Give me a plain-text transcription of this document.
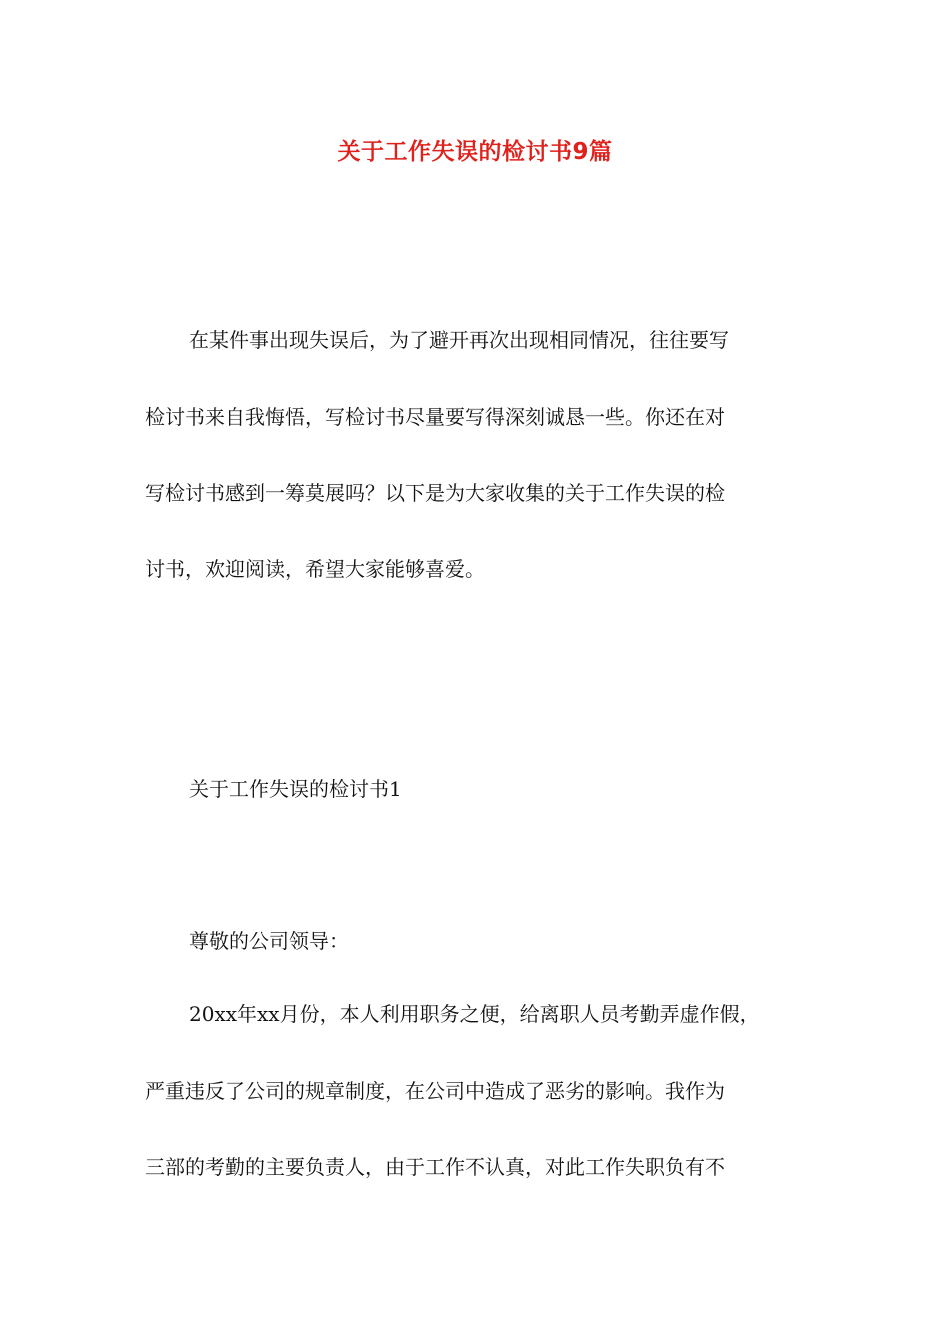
关于工作失误的检讨书9篇

在某件事出现失误后，为了避开再次出现相同情况，往往要写

检讨书来自我悔悟，写检讨书尽量要写得深刻诚恳一些。你还在对

写检讨书感到一筹莫展吗？以下是为大家收集的关于工作失误的检

讨书，欢迎阅读，希望大家能够喜爱。

关于工作失误的检讨书1

尊敬的公司领导：

20xx年xx月份，本人利用职务之便，给离职人员考勤弄虚作假，

严重违反了公司的规章制度，在公司中造成了恶劣的影响。我作为

三部的考勤的主要负责人，由于工作不认真，对此工作失职负有不
